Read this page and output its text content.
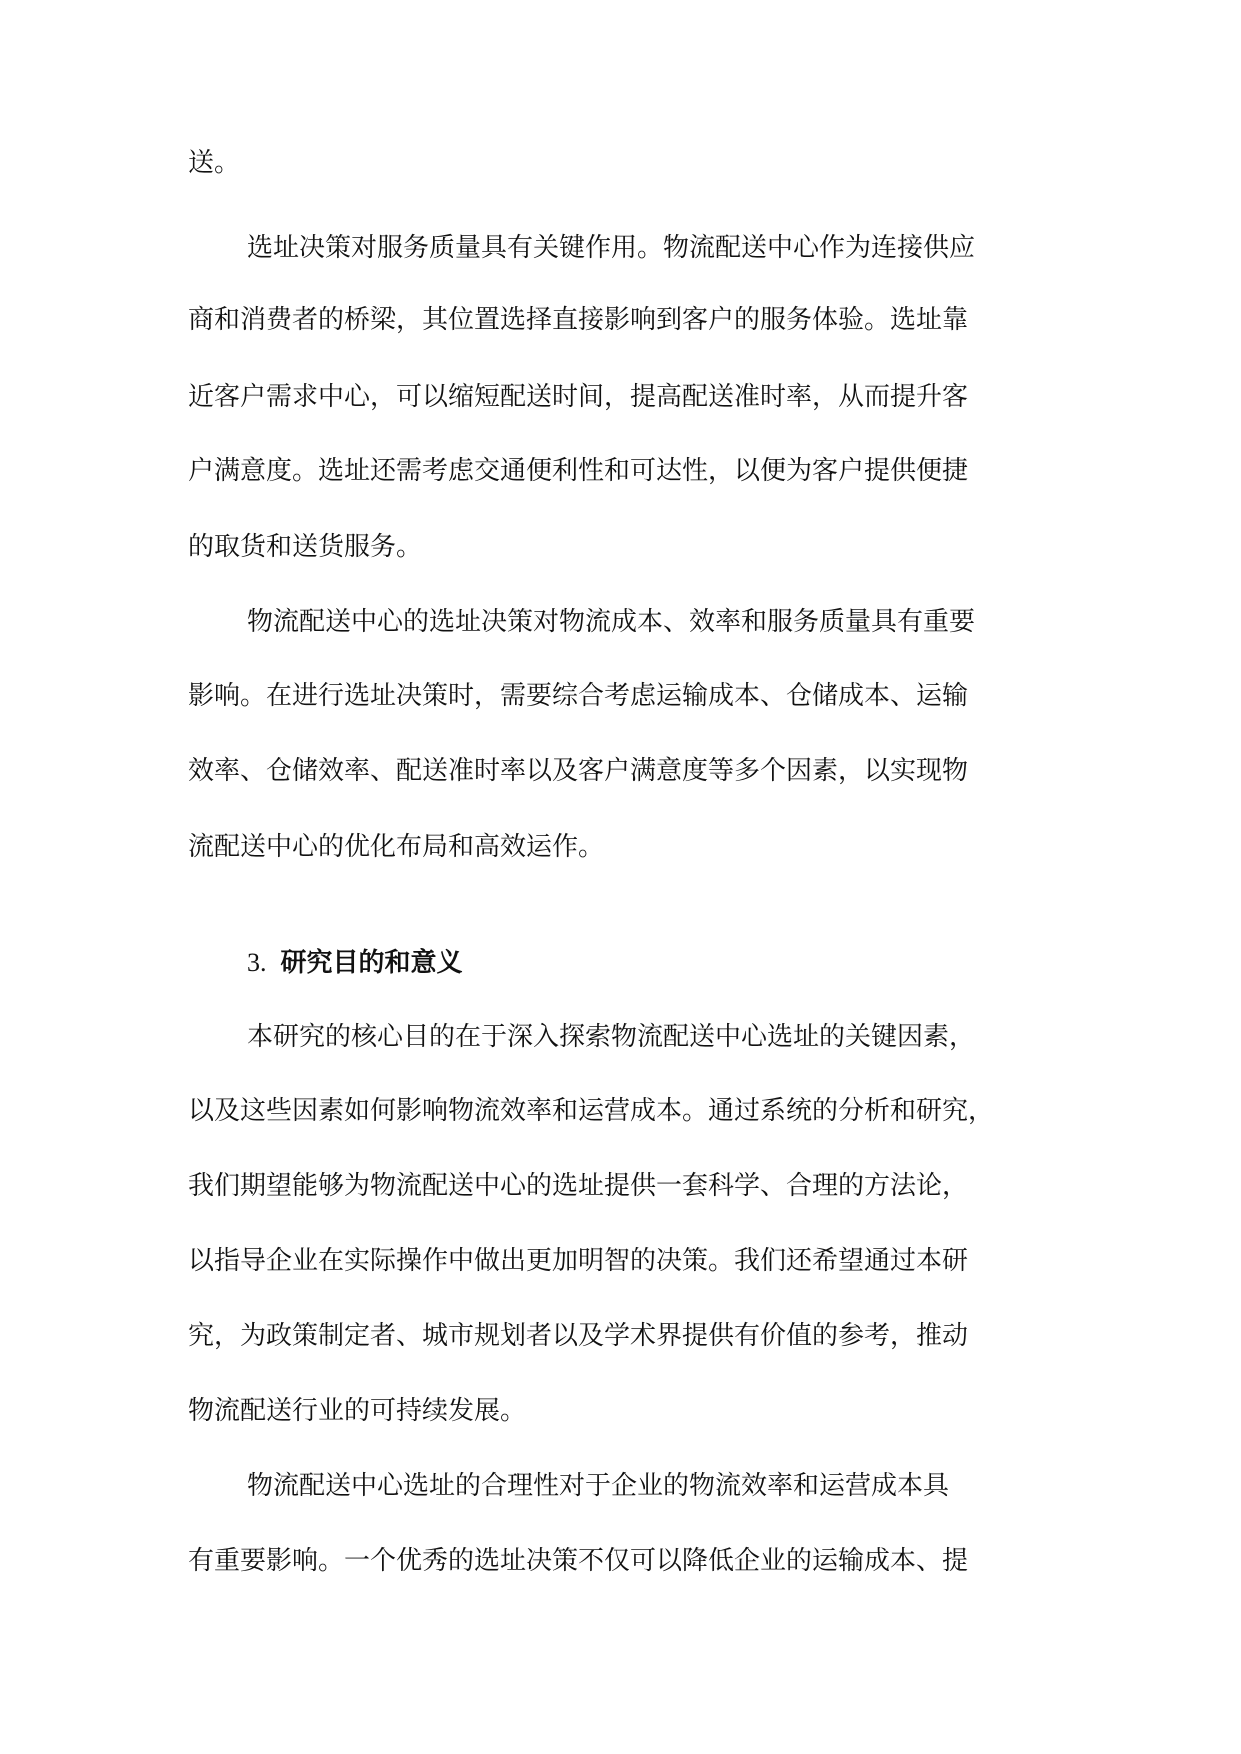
送。
选址决策对服务质量具有关键作用。物流配送中心作为连接供应
商和消费者的桥梁，其位置选择直接影响到客户的服务体验。选址靠
近客户需求中心，可以缩短配送时间，提高配送准时率，从而提升客
户满意度。选址还需考虑交通便利性和可达性，以便为客户提供便捷
的取货和送货服务。
物流配送中心的选址决策对物流成本、效率和服务质量具有重要
影响。在进行选址决策时，需要综合考虑运输成本、仓储成本、运输
效率、仓储效率、配送准时率以及客户满意度等多个因素，以实现物
流配送中心的优化布局和高效运作。
3. 研究目的和意义
本研究的核心目的在于深入探索物流配送中心选址的关键因素，
以及这些因素如何影响物流效率和运营成本。通过系统的分析和研究，
我们期望能够为物流配送中心的选址提供一套科学、合理的方法论，
以指导企业在实际操作中做出更加明智的决策。我们还希望通过本研
究，为政策制定者、城市规划者以及学术界提供有价值的参考，推动
物流配送行业的可持续发展。
物流配送中心选址的合理性对于企业的物流效率和运营成本具
有重要影响。一个优秀的选址决策不仅可以降低企业的运输成本、提
